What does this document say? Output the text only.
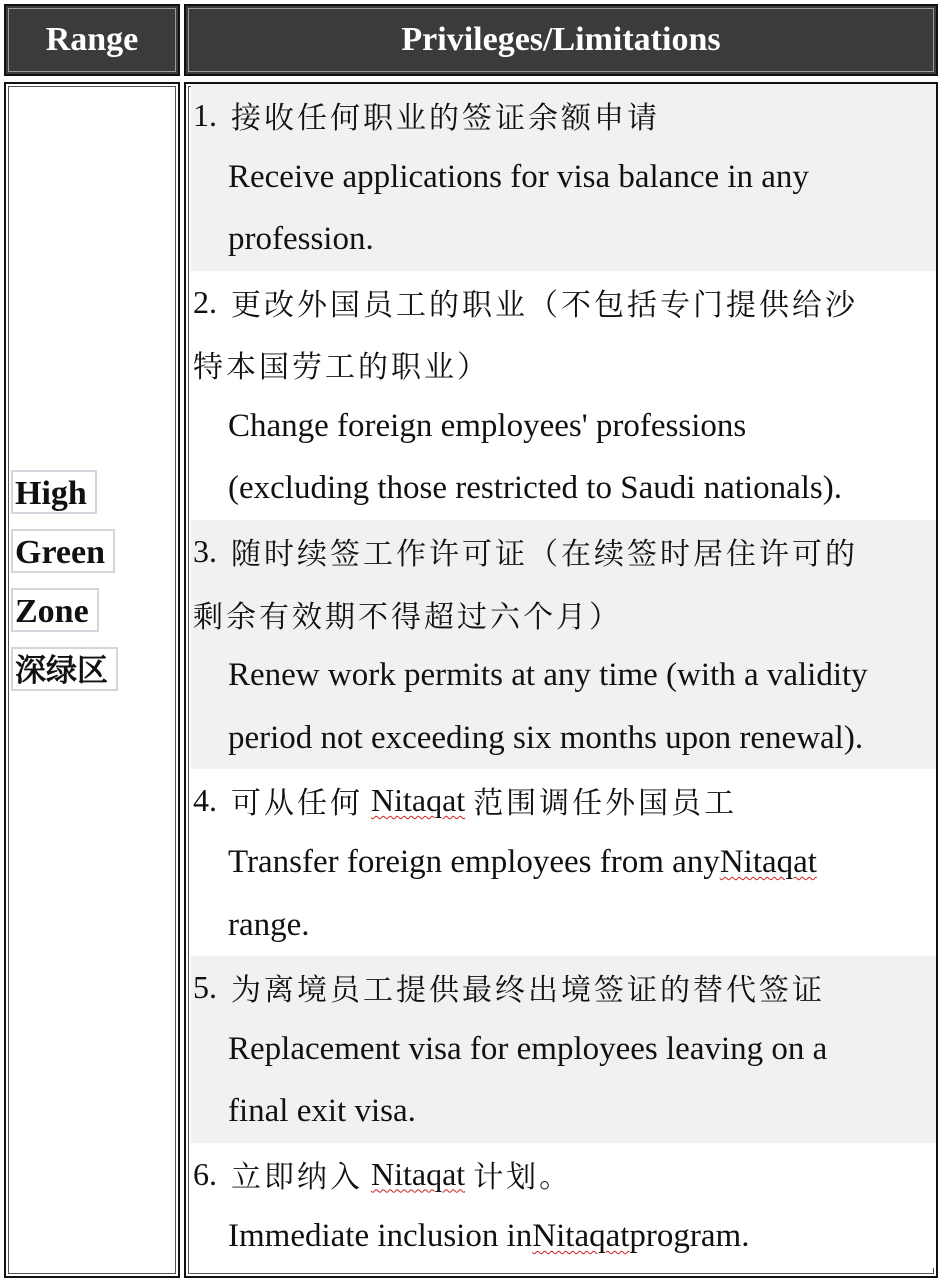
Range	Privileges/Limitations
High
Green
Zone
深绿区
1. 接收任何职业的签证余额申请
Receive applications for visa balance in any
profession.
2. 更改外国员工的职业（不包括专门提供给沙
特本国劳工的职业）
Change foreign employees' professions
(excluding those restricted to Saudi nationals).
3. 随时续签工作许可证（在续签时居住许可的
剩余有效期不得超过六个月）
Renew work permits at any time (with a validity
period not exceeding six months upon renewal).
4. 可从任何 Nitaqat 范围调任外国员工
Transfer foreign employees from any Nitaqat
range.
5. 为离境员工提供最终出境签证的替代签证
Replacement visa for employees leaving on a
final exit visa.
6. 立即纳入 Nitaqat 计划。
Immediate inclusion in Nitaqat program.
